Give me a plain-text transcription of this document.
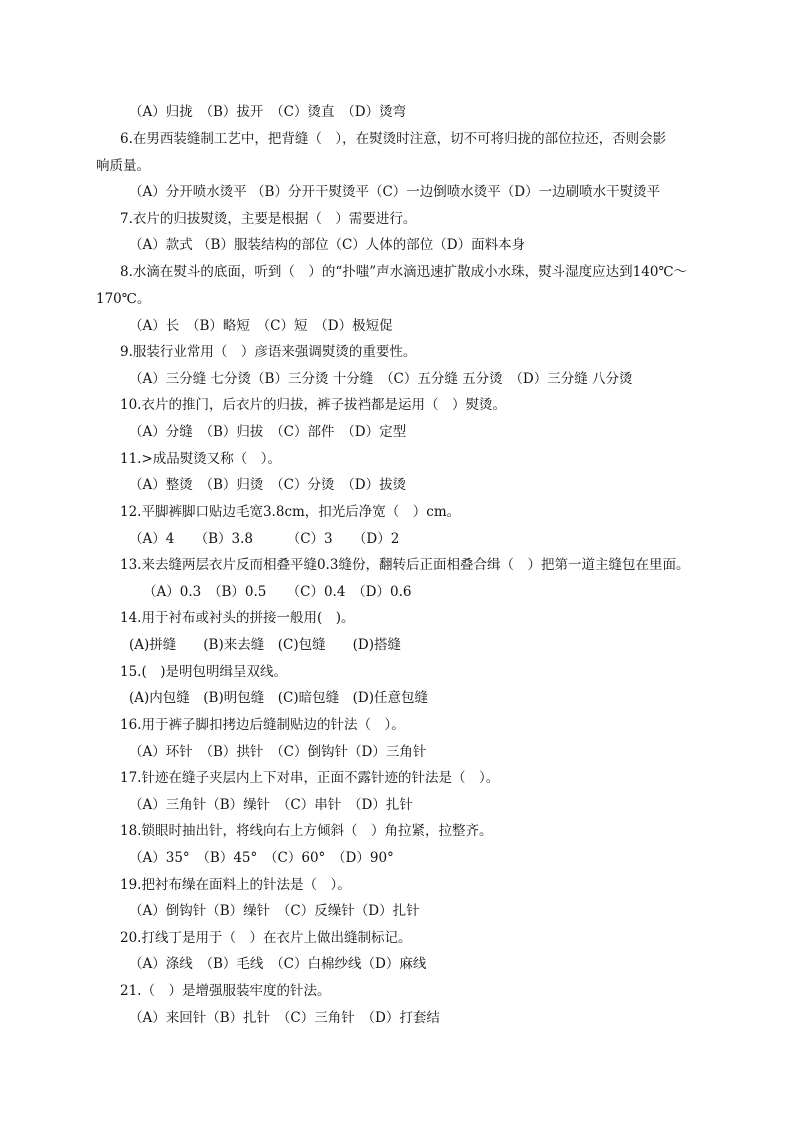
（A）归拢　（B）拔开　（C）烫直　（D）烫弯
6.在男西装缝制工艺中，把背缝（　），在熨烫时注意，切不可将归拢的部位拉还，否则会影
响质量。
（A）分开喷水烫平 （B）分开干熨烫平（C）一边倒喷水烫平（D）一边刷喷水干熨烫平
7.衣片的归拔熨烫，主要是根据（　）需要进行。
（A）款式 （B）服装结构的部位（C）人体的部位（D）面料本身
8.水滴在熨斗的底面，听到（　）的“扑嗤”声水滴迅速扩散成小水珠，熨斗湿度应达到140℃～
170℃。
（A）长　（B）略短　（C）短　（D）极短促
9.服装行业常用（　）彦语来强调熨烫的重要性。
（A）三分缝 七分烫（B）三分烫 十分缝　（C）五分缝 五分烫　（D）三分缝 八分烫
10.衣片的推门，后衣片的归拔，裤子拔裆都是运用（　）熨烫。
（A）分缝　（B）归拔　（C）部件　（D）定型
11.>成品熨烫又称（　）。
（A）整烫　（B）归烫　（C）分烫　（D）拔烫
12.平脚裤脚口贴边毛宽3.8cm，扣光后净宽（　）cm。
（A）4　　（B）3.8　　　（C）3　　（D）2
13.来去缝两层衣片反而相叠平缝0.3缝份，翻转后正面相叠合缉（　）把第一道主缝包在里面。
（A）0.3　（B）0.5　　（C）0.4　（D）0.6
14.用于衬布或衬头的拼接一般用(　)。
(A)拼缝　　(B)来去缝　(C)包缝　　(D)搭缝
15.(　)是明包明缉呈双线。
(A)内包缝　(B)明包缝　(C)暗包缝　(D)任意包缝
16.用于裤子脚扣拷边后缝制贴边的针法（　）。
（A）环针　（B）拱针　（C）倒钩针（D）三角针
17.针迹在缝子夹层内上下对串，正面不露针迹的针法是（　）。
（A）三角针（B）缲针　（C）串针　（D）扎针
18.锁眼时抽出针，将线向右上方倾斜（　）角拉紧，拉整齐。
（A）35°　（B）45°　（C）60°　（D）90°
19.把衬布缲在面料上的针法是（　）。
（A）倒钩针（B）缲针　（C）反缲针（D）扎针
20.打线丁是用于（　）在衣片上做出缝制标记。
（A）涤线　（B）毛线　（C）白棉纱线（D）麻线
21.（　）是增强服装牢度的针法。
（A）来回针（B）扎针　（C）三角针　（D）打套结
